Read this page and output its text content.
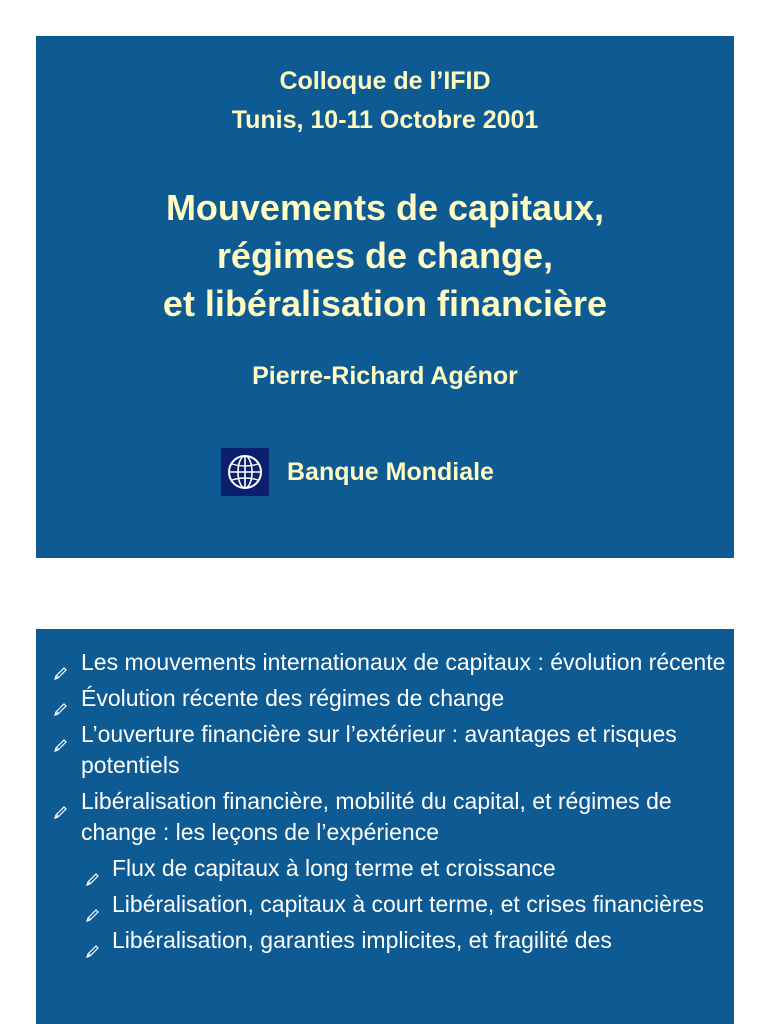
Colloque de l’IFID
Tunis, 10-11 Octobre 2001
Mouvements de capitaux,
régimes de change,
et libéralisation financière
Pierre-Richard Agénor
Banque Mondiale
Les mouvements internationaux de capitaux : évolution récente
Évolution récente des régimes de change
L’ouverture financière sur l’extérieur : avantages et risques potentiels
Libéralisation financière, mobilité du capital, et régimes de change : les leçons de l’expérience
Flux de capitaux à long terme et croissance
Libéralisation, capitaux à court terme, et crises financières
Libéralisation, garanties implicites, et fragilité des
